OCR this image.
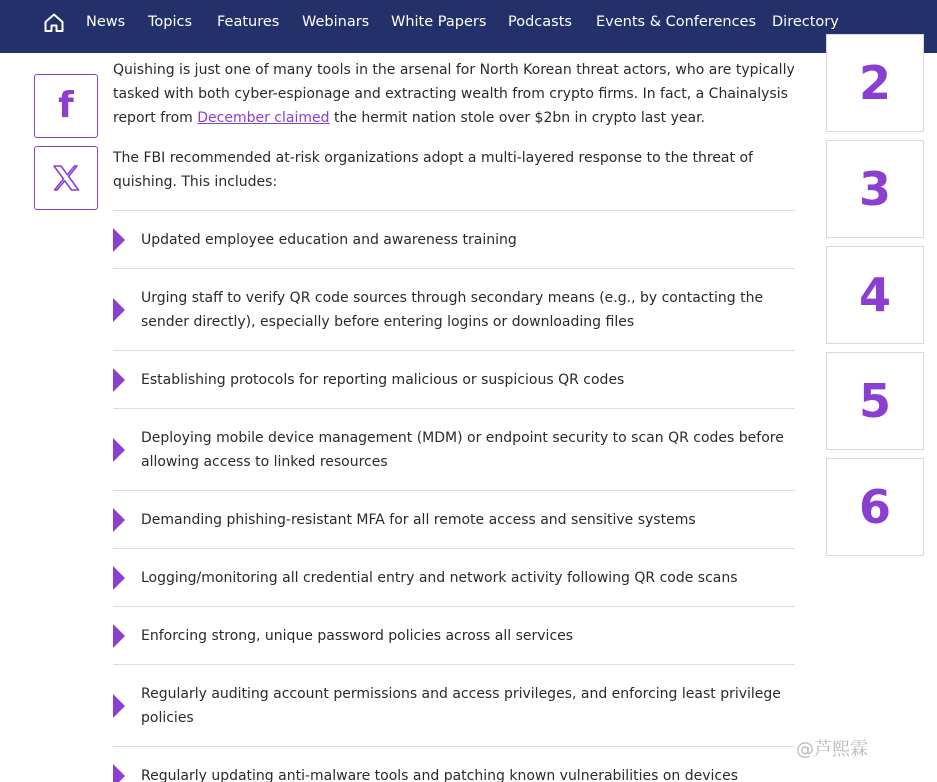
News Topics Features Webinars White Papers Podcasts Events & Conferences Directory
f

Quishing is just one of many tools in the arsenal for North Korean threat actors, who are typically tasked with both cyber-espionage and extracting wealth from crypto firms. In fact, a Chainalysis report from December claimed the hermit nation stole over $2bn in crypto last year.

The FBI recommended at-risk organizations adopt a multi-layered response to the threat of quishing. This includes:

Updated employee education and awareness training
Urging staff to verify QR code sources through secondary means (e.g., by contacting the sender directly), especially before entering logins or downloading files
Establishing protocols for reporting malicious or suspicious QR codes
Deploying mobile device management (MDM) or endpoint security to scan QR codes before allowing access to linked resources
Demanding phishing-resistant MFA for all remote access and sensitive systems
Logging/monitoring all credential entry and network activity following QR code scans
Enforcing strong, unique password policies across all services
Regularly auditing account permissions and access privileges, and enforcing least privilege policies
Regularly updating anti-malware tools and patching known vulnerabilities on devices
2
3
4
5
6
@芦熙霖
